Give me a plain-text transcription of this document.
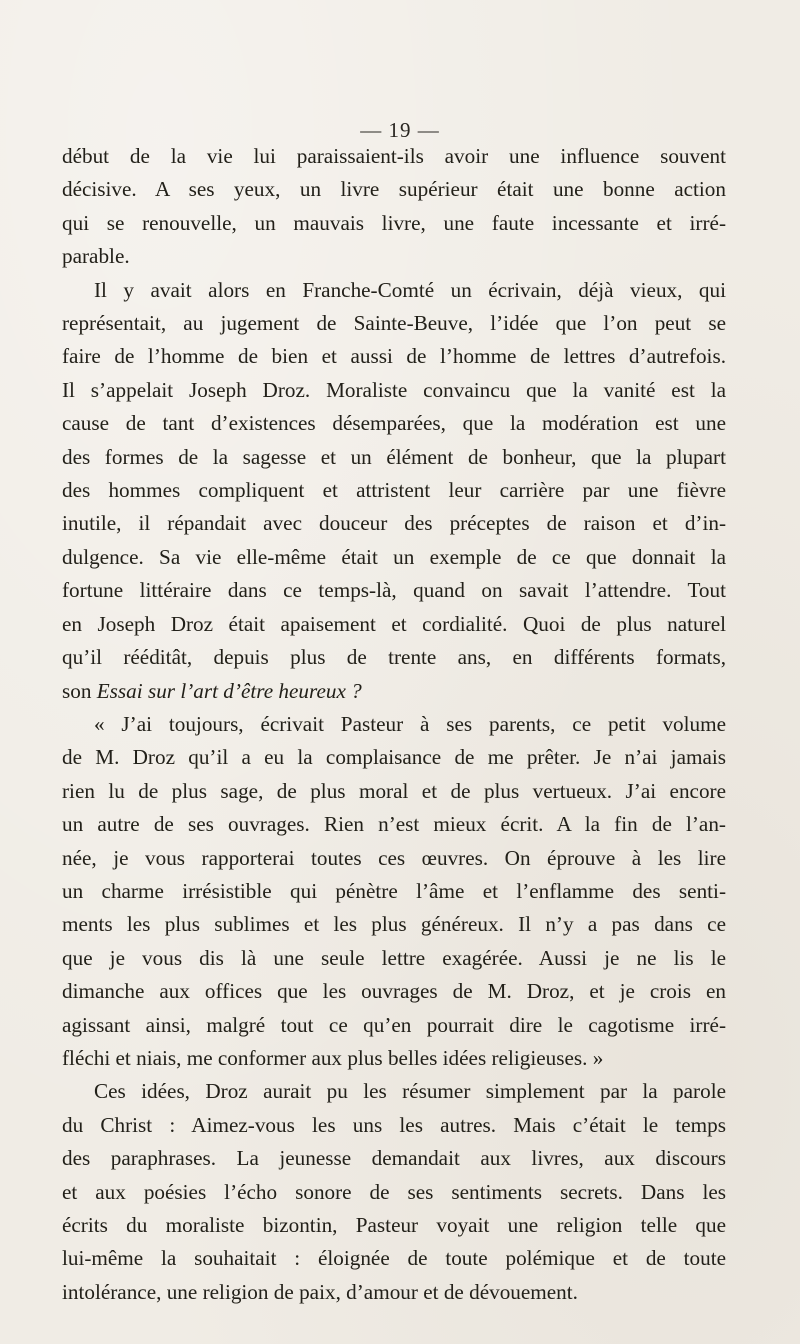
— 19 —

début de la vie lui paraissaient-ils avoir une influence souvent
décisive. A ses yeux, un livre supérieur était une bonne action
qui se renouvelle, un mauvais livre, une faute incessante et irré-
parable.

Il y avait alors en Franche-Comté un écrivain, déjà vieux, qui
représentait, au jugement de Sainte-Beuve, l’idée que l’on peut se
faire de l’homme de bien et aussi de l’homme de lettres d’autrefois.
Il s’appelait Joseph Droz. Moraliste convaincu que la vanité est la
cause de tant d’existences désemparées, que la modération est une
des formes de la sagesse et un élément de bonheur, que la plupart
des hommes compliquent et attristent leur carrière par une fièvre
inutile, il répandait avec douceur des préceptes de raison et d’in-
dulgence. Sa vie elle-même était un exemple de ce que donnait la
fortune littéraire dans ce temps-là, quand on savait l’attendre. Tout
en Joseph Droz était apaisement et cordialité. Quoi de plus naturel
qu’il rééditât, depuis plus de trente ans, en différents formats,
son Essai sur l’art d’être heureux ?

« J’ai toujours, écrivait Pasteur à ses parents, ce petit volume
de M. Droz qu’il a eu la complaisance de me prêter. Je n’ai jamais
rien lu de plus sage, de plus moral et de plus vertueux. J’ai encore
un autre de ses ouvrages. Rien n’est mieux écrit. A la fin de l’an-
née, je vous rapporterai toutes ces œuvres. On éprouve à les lire
un charme irrésistible qui pénètre l’âme et l’enflamme des senti-
ments les plus sublimes et les plus généreux. Il n’y a pas dans ce
que je vous dis là une seule lettre exagérée. Aussi je ne lis le
dimanche aux offices que les ouvrages de M. Droz, et je crois en
agissant ainsi, malgré tout ce qu’en pourrait dire le cagotisme irré-
fléchi et niais, me conformer aux plus belles idées religieuses. »

Ces idées, Droz aurait pu les résumer simplement par la parole
du Christ : Aimez-vous les uns les autres. Mais c’était le temps
des paraphrases. La jeunesse demandait aux livres, aux discours
et aux poésies l’écho sonore de ses sentiments secrets. Dans les
écrits du moraliste bizontin, Pasteur voyait une religion telle que
lui-même la souhaitait : éloignée de toute polémique et de toute
intolérance, une religion de paix, d’amour et de dévouement.
